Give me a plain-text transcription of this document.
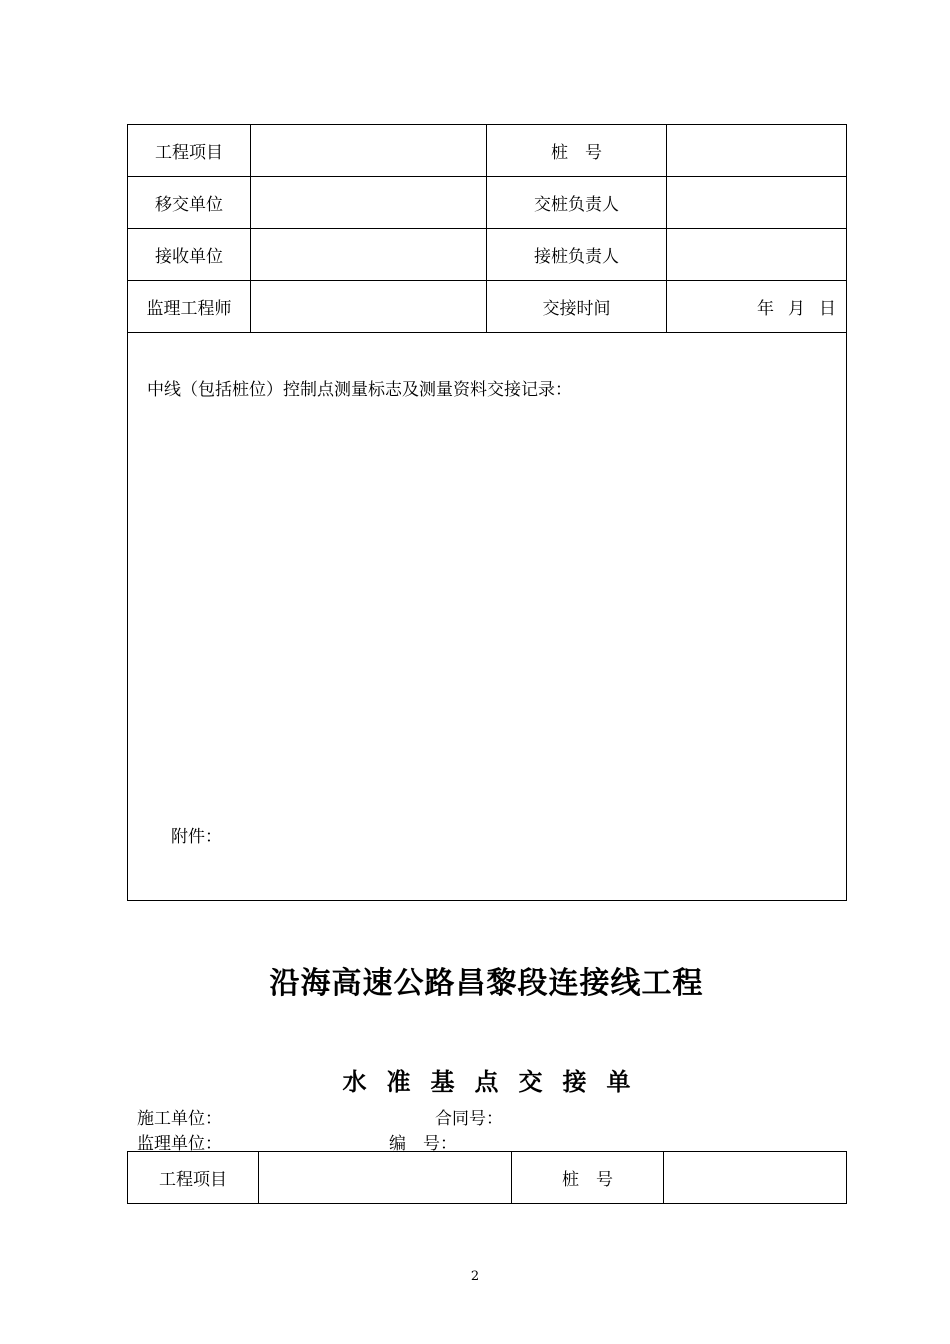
工程项目		桩　号	
移交单位		交桩负责人	
接收单位		接桩负责人	
监理工程师		交接时间	年 月 日

中线（包括桩位）控制点测量标志及测量资料交接记录：
附件：			
沿海高速公路昌黎段连接线工程
水 准 基 点 交 接 单
施工单位：	合同号：
监理单位：	编　号：
工程项目		桩　号	
2
